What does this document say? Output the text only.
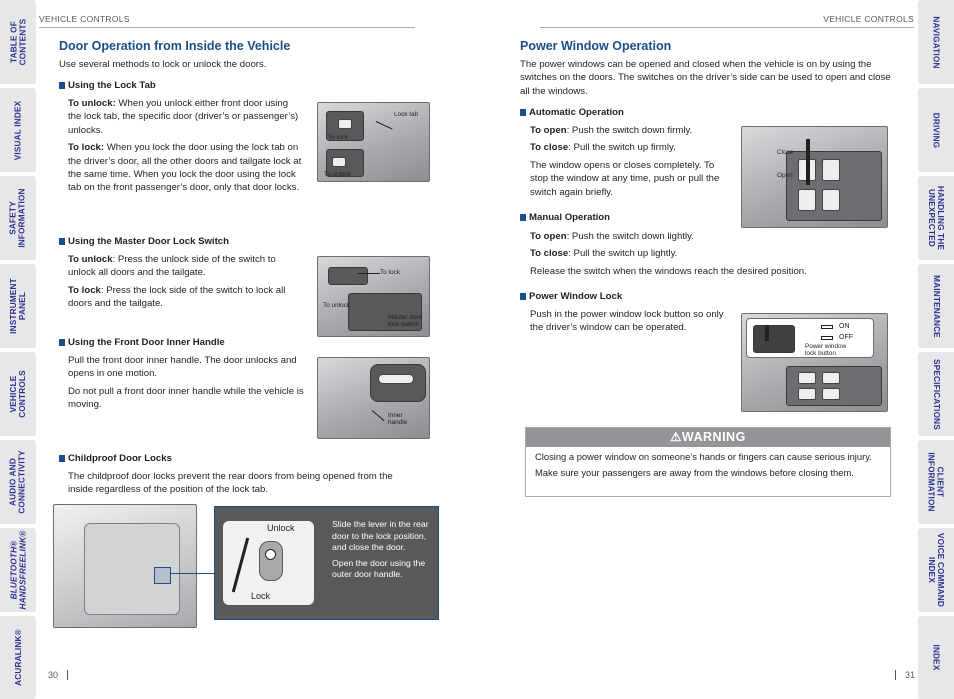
TABLE OF
CONTENTS
VISUAL INDEX
SAFETY
INFORMATION
INSTRUMENT
PANEL
VEHICLE
CONTROLS
AUDIO AND
CONNECTIVITY
BLUETOOTH®
HANDSFREELINK®
ACURALINK®
NAVIGATION
DRIVING
HANDLING THE
UNEXPECTED
MAINTENANCE
SPECIFICATIONS
CLIENT
INFORMATION
VOICE COMMAND
INDEX
INDEX
VEHICLE CONTROLS	VEHICLE CONTROLS
Door Operation from Inside the Vehicle
Use several methods to lock or unlock the doors.
Using the Lock Tab
To unlock: When you unlock either front door using the lock tab, the specific door (driver’s or passenger’s) unlocks.
To lock: When you lock the door using the lock tab on the driver’s door, all the other doors and tailgate lock at the same time. When you lock the door using the lock tab on the front passenger’s door, only that door locks.
Lock tab
To lock
To unlock
Using the Master Door Lock Switch
To unlock: Press the unlock side of the switch to unlock all doors and the tailgate.
To lock: Press the lock side of the switch to lock all doors and the tailgate.
To lock
To unlock
Master door
lock switch
Using the Front Door Inner Handle
Pull the front door inner handle. The door unlocks and opens in one motion.
Do not pull a front door inner handle while the vehicle is moving.
Inner
handle
Childproof Door Locks
The childproof door locks prevent the rear doors from being opened from the inside regardless of the position of the lock tab.
Unlock
Lock
Slide the lever in the rear door to the lock position, and close the door.
Open the door using the outer door handle.
30
Power Window Operation
The power windows can be opened and closed when the vehicle is on by using the switches on the doors. The switches on the driver’s side can be used to open and close all the windows.
Automatic Operation
To open: Push the switch down firmly.
To close: Pull the switch up firmly.
The window opens or closes completely. To stop the window at any time, push or pull the switch again briefly.
Close
Open
Manual Operation
To open: Push the switch down lightly.
To close: Pull the switch up lightly.
Release the switch when the windows reach the desired position.
Power Window Lock
Push in the power window lock button so only the driver’s window can be operated.	ON
OFF
Power window
lock button
⚠WARNING
Closing a power window on someone’s hands or fingers can cause serious injury.
Make sure your passengers are away from the windows before closing them.
31
